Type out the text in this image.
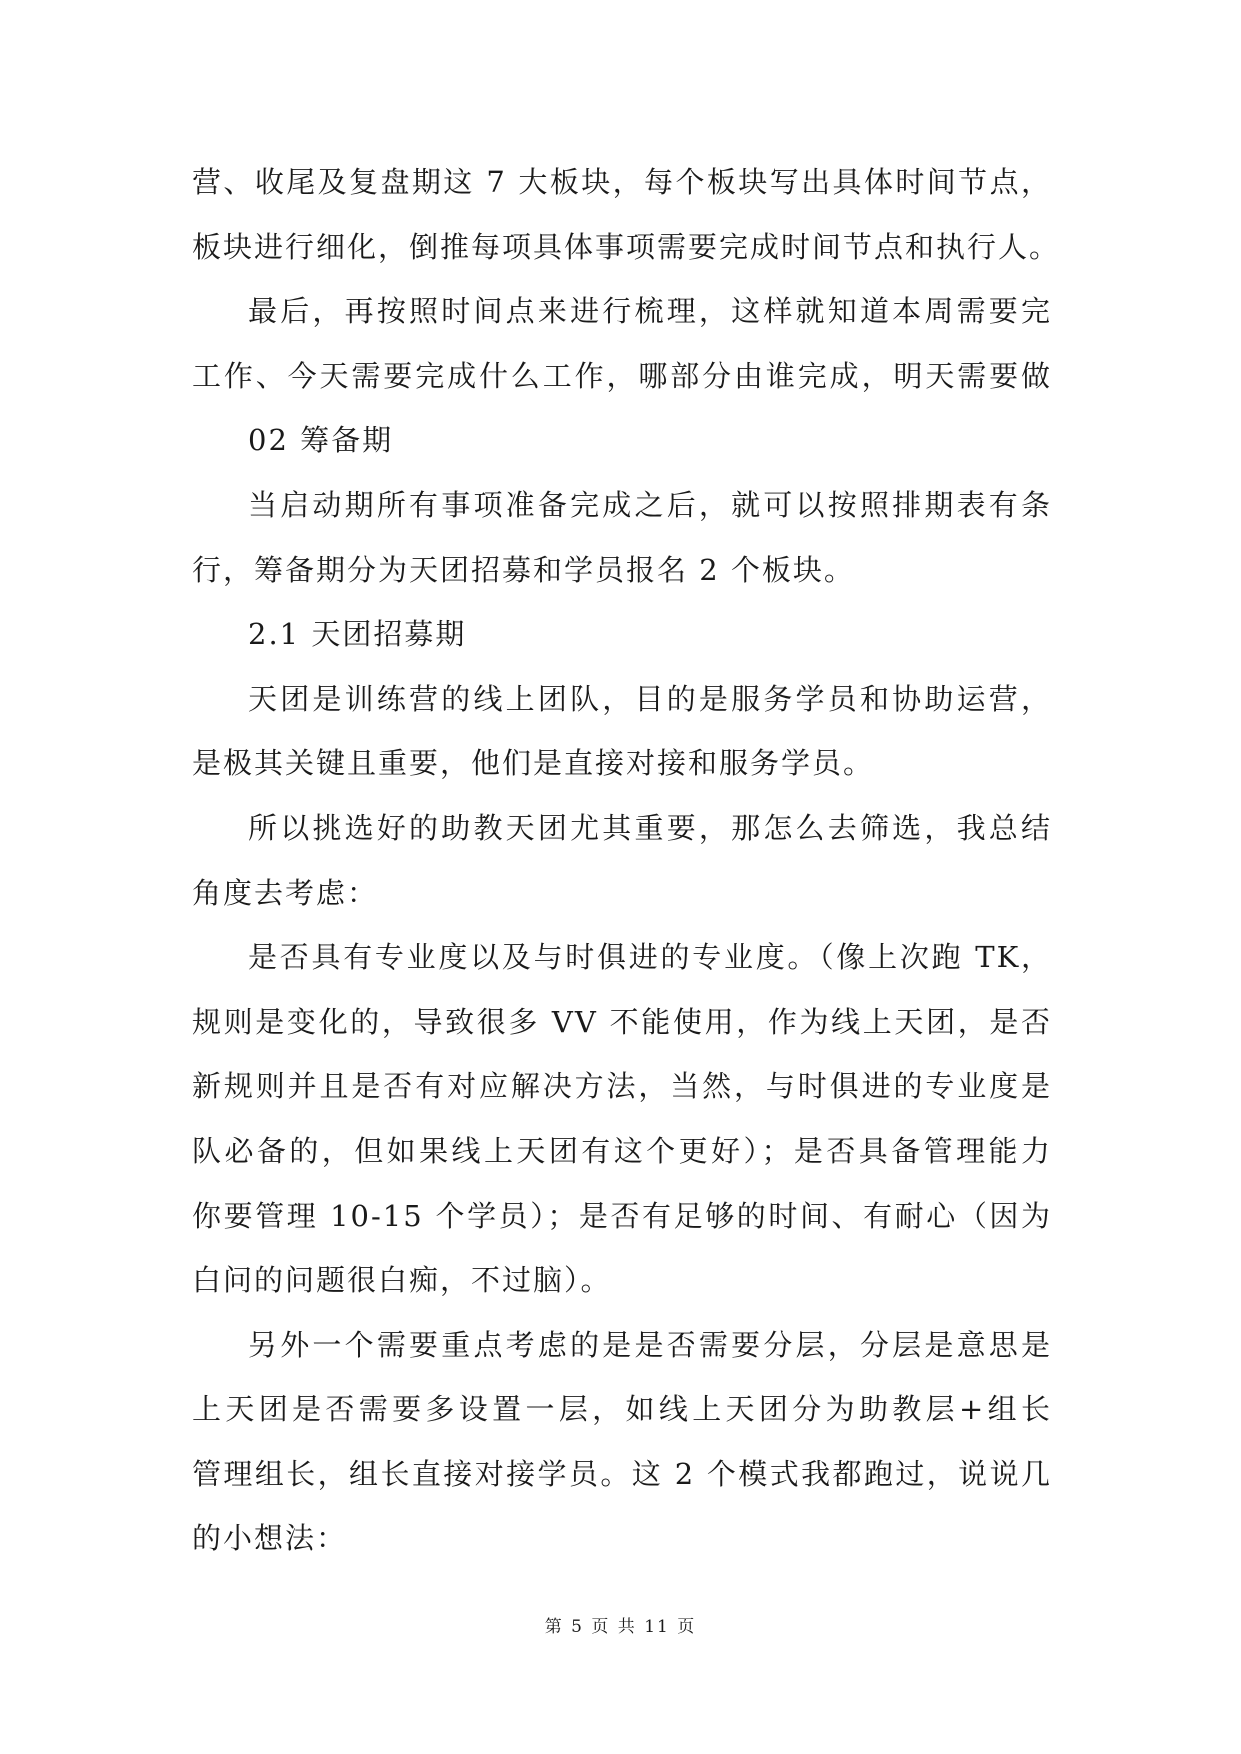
营、收尾及复盘期这 7 大板块，每个板块写出具体时间节点，
板块进行细化，倒推每项具体事项需要完成时间节点和执行人。
最后，再按照时间点来进行梳理，这样就知道本周需要完
工作、今天需要完成什么工作，哪部分由谁完成，明天需要做
02 筹备期
当启动期所有事项准备完成之后，就可以按照排期表有条
行，筹备期分为天团招募和学员报名 2 个板块。
2.1 天团招募期
天团是训练营的线上团队，目的是服务学员和协助运营，
是极其关键且重要，他们是直接对接和服务学员。
所以挑选好的助教天团尤其重要，那怎么去筛选，我总结
角度去考虑：
是否具有专业度以及与时俱进的专业度。（像上次跑 TK，
规则是变化的，导致很多 VV 不能使用，作为线上天团，是否
新规则并且是否有对应解决方法，当然，与时俱进的专业度是
队必备的，但如果线上天团有这个更好）；是否具备管理能力
你要管理 10-15 个学员）；是否有足够的时间、有耐心（因为
白问的问题很白痴，不过脑）。
另外一个需要重点考虑的是是否需要分层，分层是意思是
上天团是否需要多设置一层，如线上天团分为助教层+组长
管理组长，组长直接对接学员。这 2 个模式我都跑过，说说几
的小想法：
第 5 页 共 11 页
